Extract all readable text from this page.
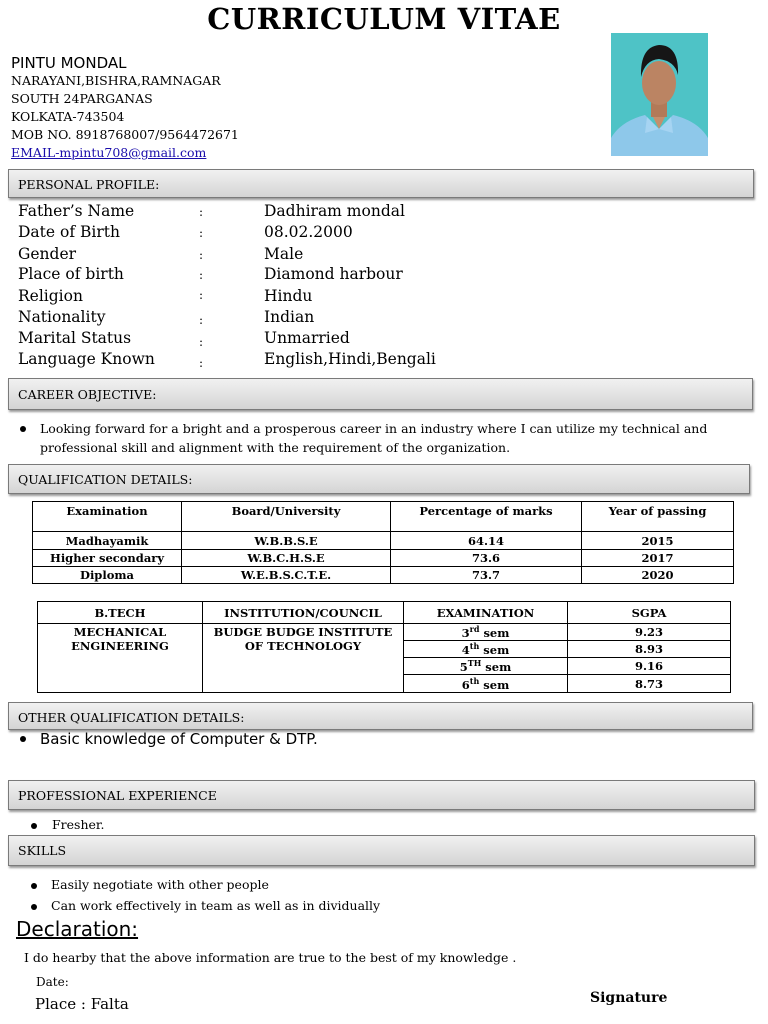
CURRICULUM VITAE
PINTU MONDAL
NARAYANI,BISHRA,RAMNAGAR
SOUTH 24PARGANAS
KOLKATA-743504
MOB NO. 8918768007/9564472671
EMAIL-mpintu708@gmail.com
PERSONAL PROFILE:
Father’s Name	:	Dadhiram mondal
Date of Birth	:	08.02.2000
Gender	:	Male
Place of birth	:	Diamond harbour
Religion	:	Hindu
Nationality	:	Indian
Marital Status	:	Unmarried
Language Known	:	English,Hindi,Bengali
CAREER OBJECTIVE:
Looking forward for a bright and a prosperous career in an industry where I can utilize my technical and professional skill and alignment with the requirement of the organization.
QUALIFICATION DETAILS:
Examination	Board/University	Percentage of marks	Year of passing
Madhayamik	W.B.B.S.E	64.14	2015
Higher secondary	W.B.C.H.S.E	73.6	2017
Diploma	W.E.B.S.C.T.E.	73.7	2020
B.TECH	INSTITUTION/COUNCIL	EXAMINATION	SGPA
MECHANICAL ENGINEERING	BUDGE BUDGE INSTITUTE OF TECHNOLOGY	3rd sem	9.23
		4th sem	8.93
		5TH sem	9.16
		6th sem	8.73
OTHER QUALIFICATION DETAILS:
Basic knowledge of Computer & DTP.
PROFESSIONAL EXPERIENCE
Fresher.
SKILLS
Easily negotiate with other people
Can work effectively in team as well as in dividually
Declaration:
I do hearby that the above information are true to the best of my knowledge .
Date:
Place : Falta	Signature
